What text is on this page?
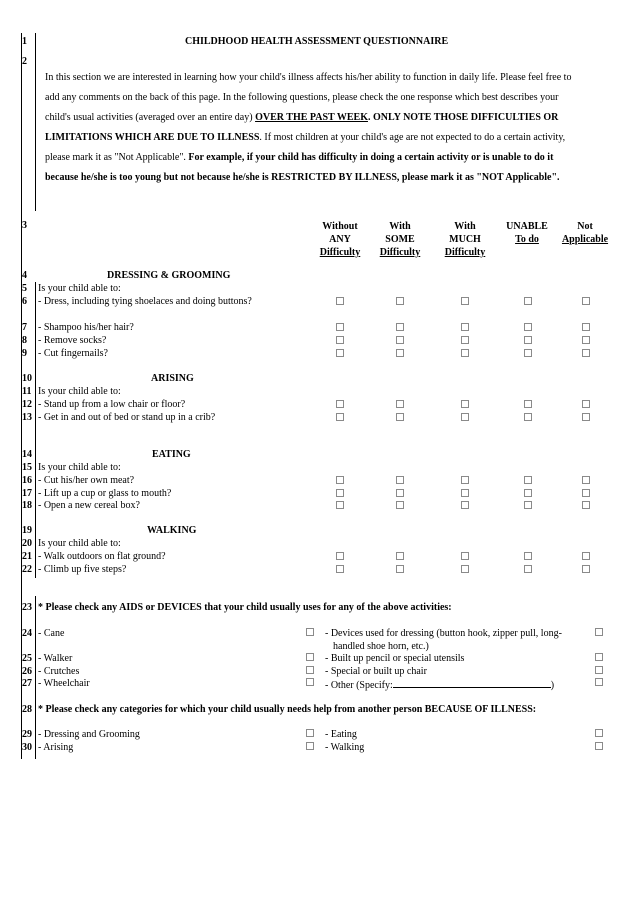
CHILDHOOD HEALTH ASSESSMENT QUESTIONNAIRE
1
2
3
4
5
6
7
8
9
10
11
12
13
14
15
16
17
18
19
20
21
22
23
24
25
26
27
28
29
30
In this section we are interested in learning how your child's illness affects his/her ability to function in daily life. Please feel free to
add any comments on the back of this page. In the following questions, please check the one response which best describes your
child's usual activities (averaged over an entire day) OVER THE PAST WEEK. ONLY NOTE THOSE DIFFICULTIES OR
LIMITATIONS WHICH ARE DUE TO ILLNESS. If most children at your child's age are not expected to do a certain activity,
please mark it as "Not Applicable". For example, if your child has difficulty in doing a certain activity or is unable to do it
because he/she is too young but not because he/she is RESTRICTED BY ILLNESS, please mark it as "NOT Applicable".
Without
ANY
Difficulty
With
SOME
Difficulty
With
MUCH
Difficulty
UNABLE
To do
Not
Applicable
DRESSING & GROOMING
ARISING
EATING
WALKING
Is your child able to:
Is your child able to:
Is your child able to:
Is your child able to:
- Dress, including tying shoelaces and doing buttons?
- Shampoo his/her hair?
- Remove socks?
- Cut fingernails?
- Stand up from a low chair or floor?
- Get in and out of bed or stand up in a crib?
- Cut his/her own meat?
- Lift up a cup or glass to mouth?
- Open a new cereal box?
- Walk outdoors on flat ground?
- Climb up five steps?
* Please check any AIDS or DEVICES that your child usually uses for any of the above activities:
- Cane
- Walker
- Crutches
- Wheelchair
- Devices used for dressing (button hook, zipper pull, long-
handled shoe horn, etc.)
- Built up pencil or special utensils
- Special or built up chair
- Other (Specify:	)
* Please check any categories for which your child usually needs help from another person BECAUSE OF ILLNESS:
- Dressing and Grooming
- Arising
- Eating
- Walking
